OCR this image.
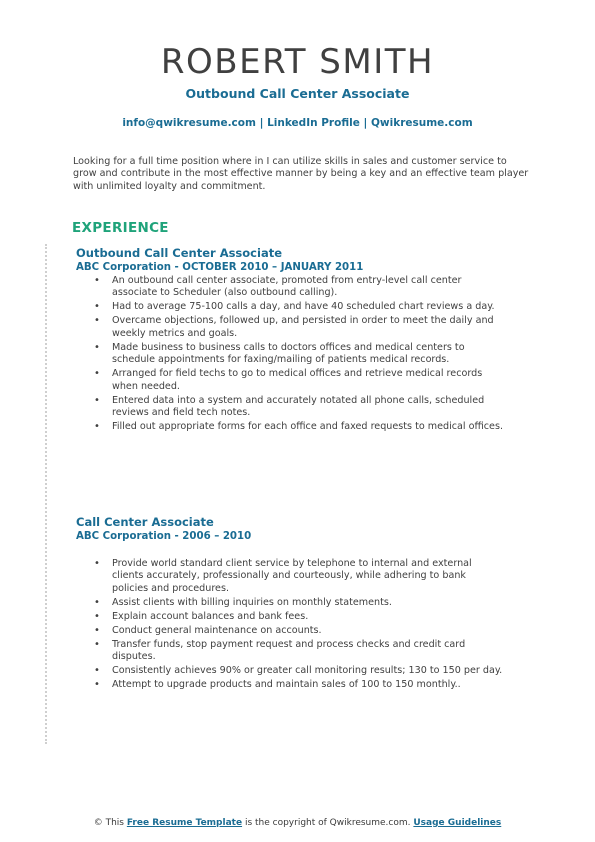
ROBERT SMITH
Outbound Call Center Associate
info@qwikresume.com | LinkedIn Profile | Qwikresume.com
Looking for a full time position where in I can utilize skills in sales and customer service to grow and contribute in the most effective manner by being a key and an effective team player with unlimited loyalty and commitment.
EXPERIENCE
Outbound Call Center Associate
ABC Corporation - OCTOBER 2010 – JANUARY 2011
• An outbound call center associate, promoted from entry-level call center associate to Scheduler (also outbound calling).
• Had to average 75-100 calls a day, and have 40 scheduled chart reviews a day.
• Overcame objections, followed up, and persisted in order to meet the daily and weekly metrics and goals.
• Made business to business calls to doctors offices and medical centers to schedule appointments for faxing/mailing of patients medical records.
• Arranged for field techs to go to medical offices and retrieve medical records when needed.
• Entered data into a system and accurately notated all phone calls, scheduled reviews and field tech notes.
• Filled out appropriate forms for each office and faxed requests to medical offices.
Call Center Associate
ABC Corporation - 2006 – 2010
• Provide world standard client service by telephone to internal and external clients accurately, professionally and courteously, while adhering to bank policies and procedures.
• Assist clients with billing inquiries on monthly statements.
• Explain account balances and bank fees.
• Conduct general maintenance on accounts.
• Transfer funds, stop payment request and process checks and credit card disputes.
• Consistently achieves 90% or greater call monitoring results; 130 to 150 per day.
• Attempt to upgrade products and maintain sales of 100 to 150 monthly..
© This Free Resume Template is the copyright of Qwikresume.com. Usage Guidelines
